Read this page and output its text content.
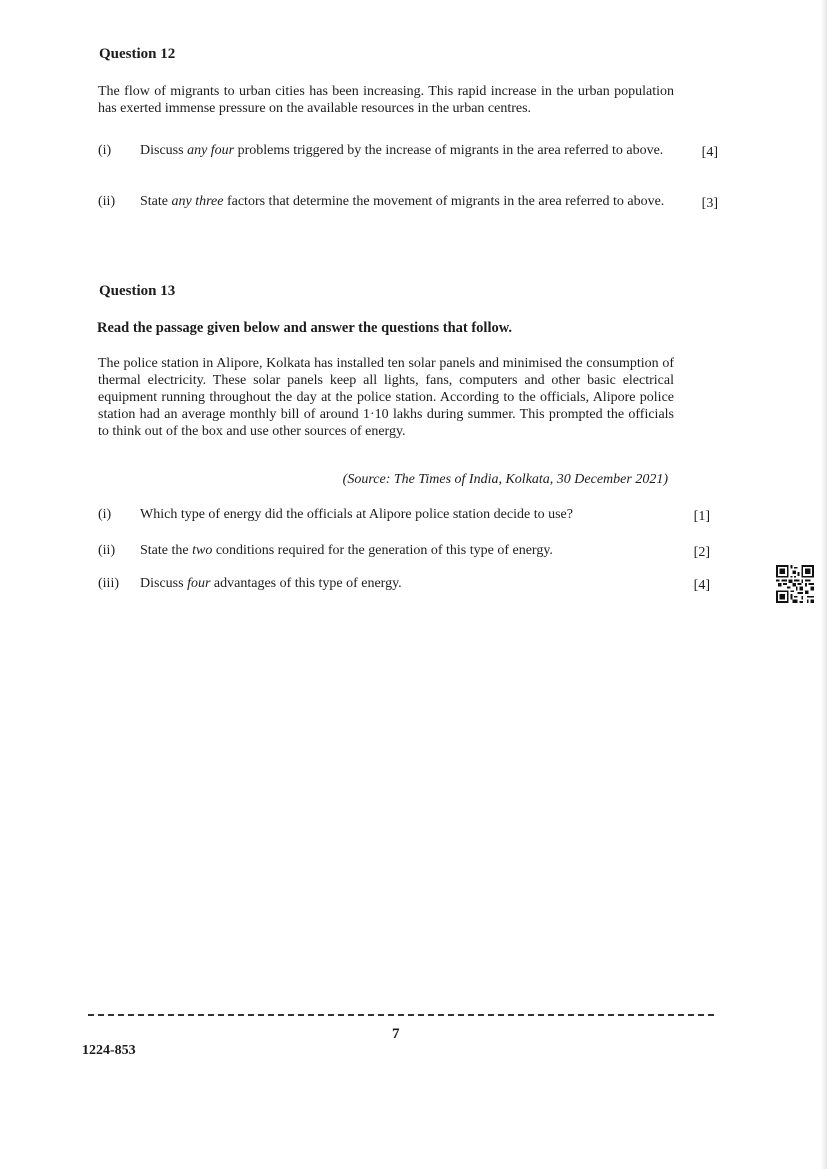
Question 12

The flow of migrants to urban cities has been increasing. This rapid increase in the urban population has exerted immense pressure on the available resources in the urban centres.

(i)	Discuss any four problems triggered by the increase of migrants in the area referred to above.	[4]
(ii)	State any three factors that determine the movement of migrants in the area referred to above.	[3]
Question 13

Read the passage given below and answer the questions that follow.

The police station in Alipore, Kolkata has installed ten solar panels and minimised the consumption of thermal electricity. These solar panels keep all lights, fans, computers and other basic electrical equipment running throughout the day at the police station. According to the officials, Alipore police station had an average monthly bill of around 1·10 lakhs during summer. This prompted the officials to think out of the box and use other sources of energy.

(Source: The Times of India, Kolkata, 30 December 2021)
(i)	Which type of energy did the officials at Alipore police station decide to use?	[1]
(ii)	State the two conditions required for the generation of this type of energy.	[2]
(iii)	Discuss four advantages of this type of energy.	[4]
7
1224-853
